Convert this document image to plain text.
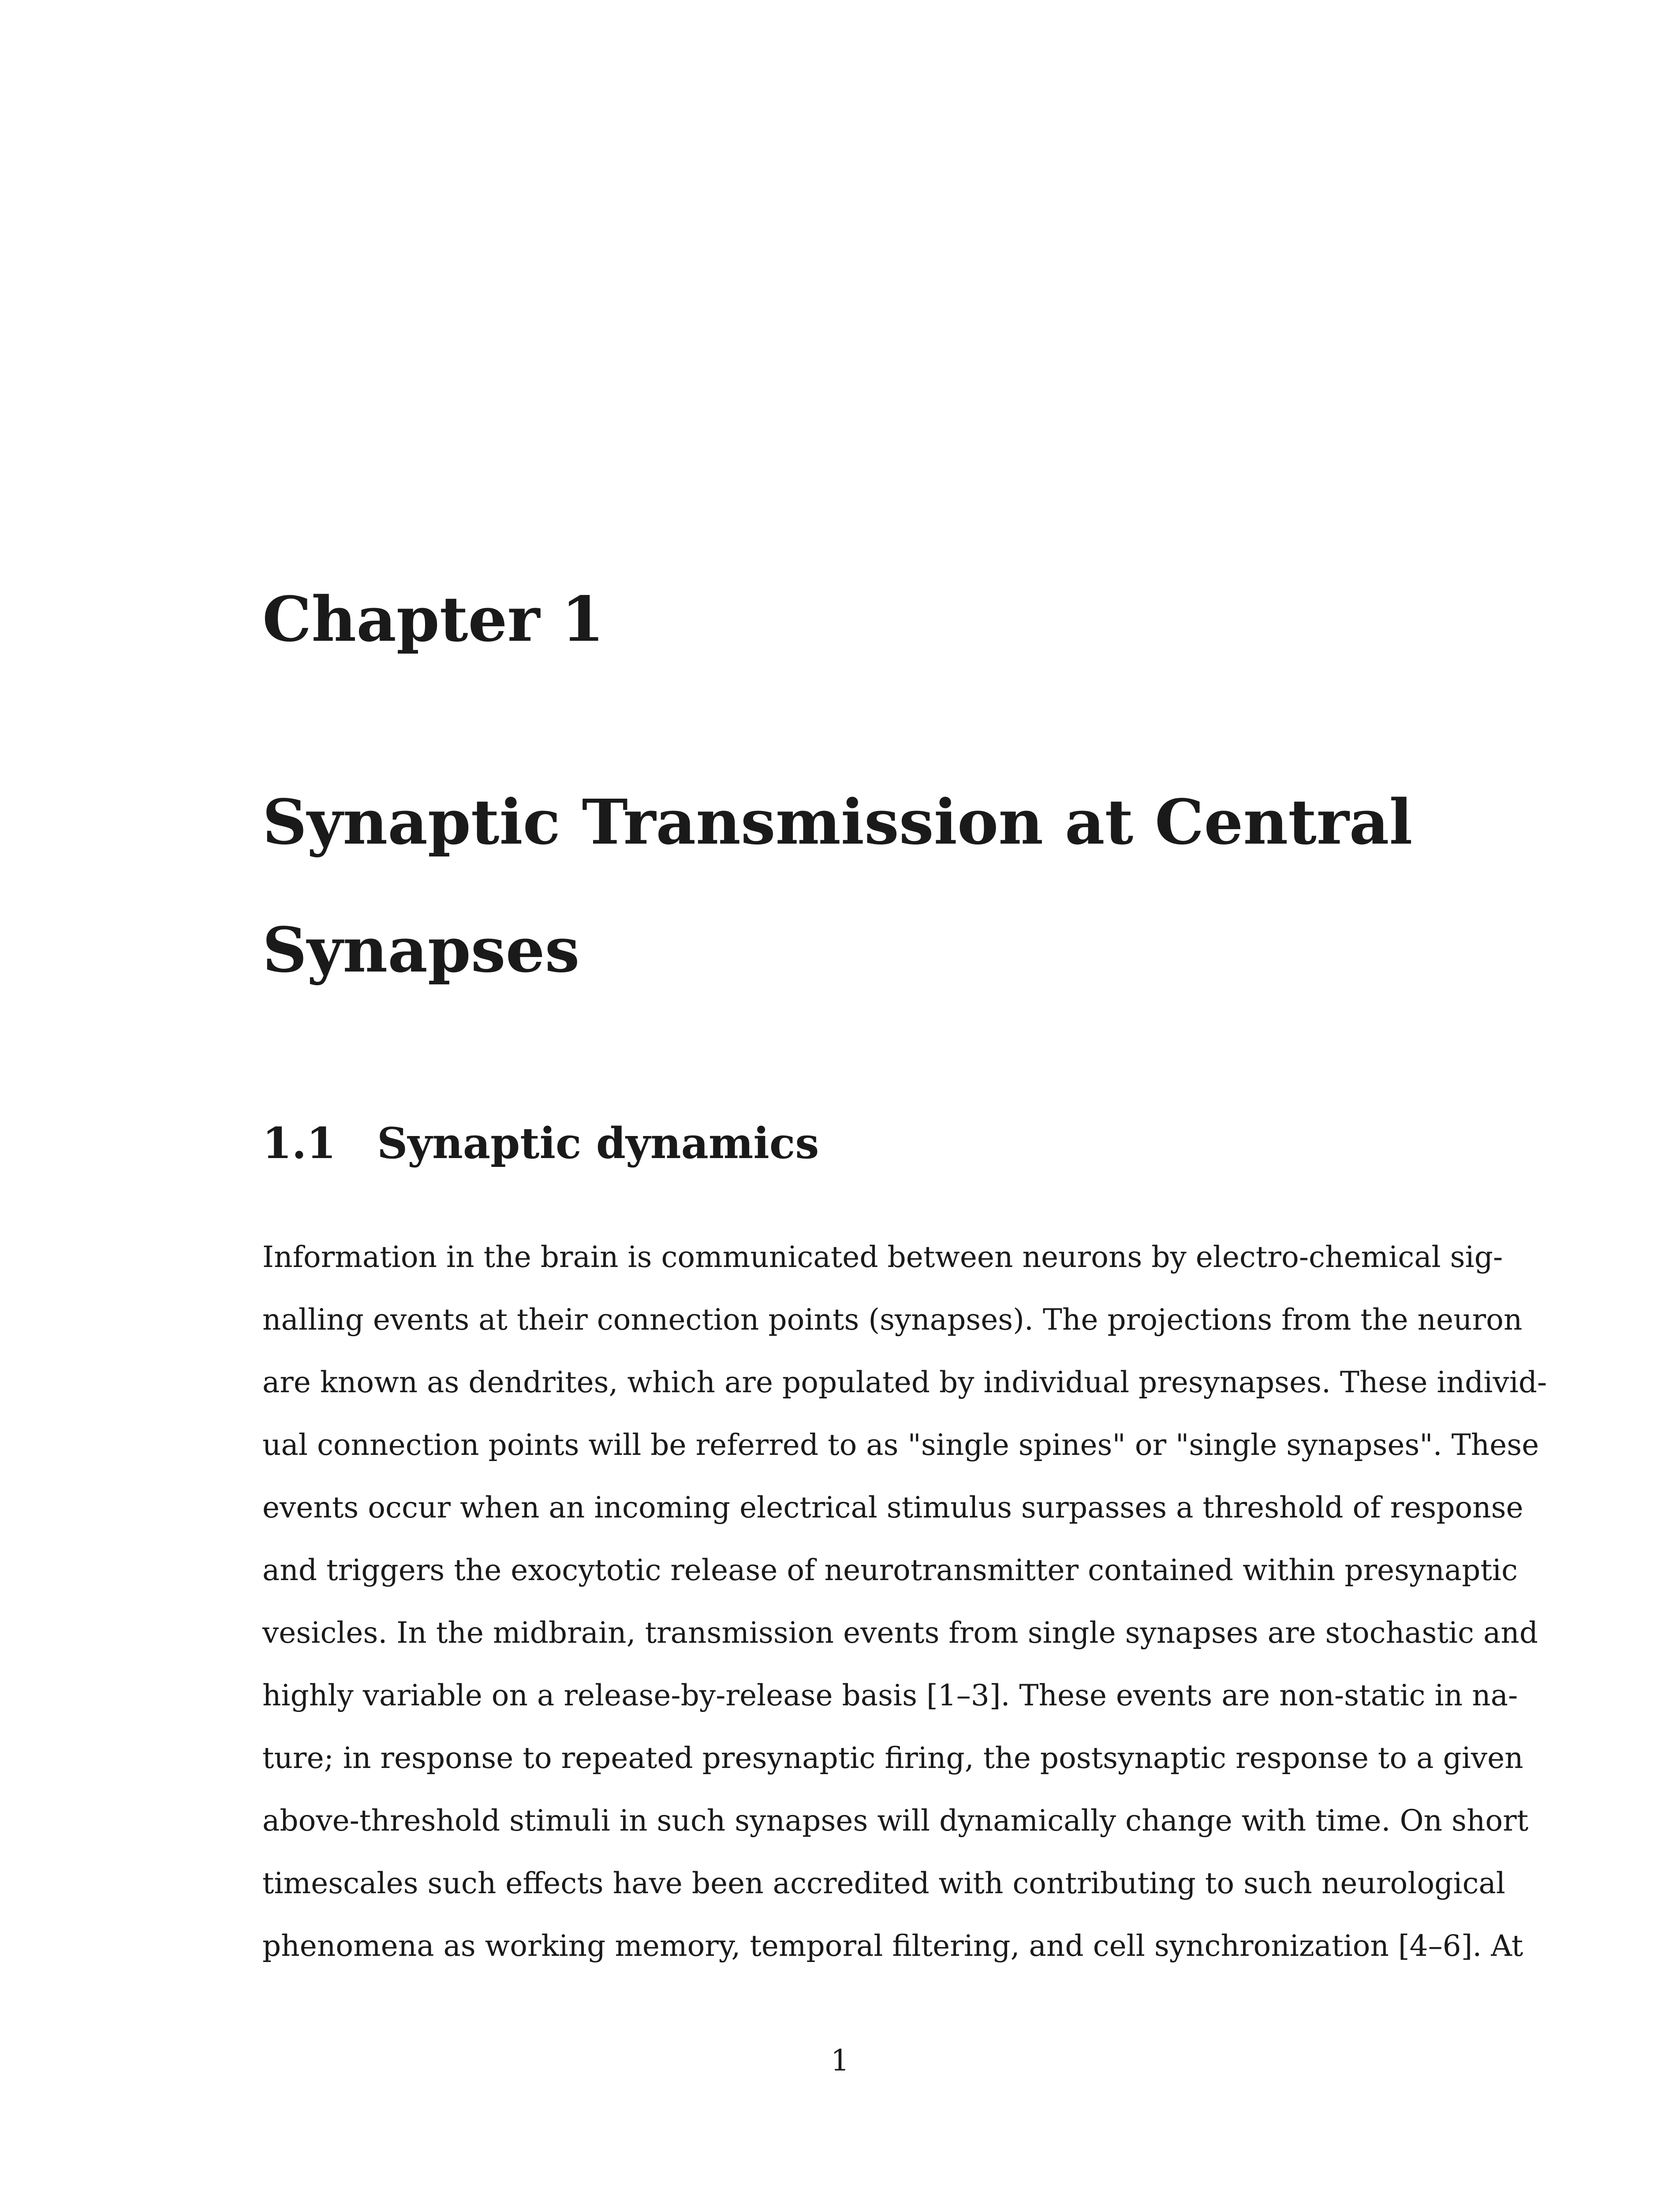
Chapter 1
Synaptic Transmission at Central Synapses
1.1 Synaptic dynamics
Information in the brain is communicated between neurons by electro-chemical sig-
nalling events at their connection points (synapses). The projections from the neuron
are known as dendrites, which are populated by individual presynapses. These individ-
ual connection points will be referred to as "single spines" or "single synapses". These
events occur when an incoming electrical stimulus surpasses a threshold of response
and triggers the exocytotic release of neurotransmitter contained within presynaptic
vesicles. In the midbrain, transmission events from single synapses are stochastic and
highly variable on a release-by-release basis [1–3]. These events are non-static in na-
ture; in response to repeated presynaptic firing, the postsynaptic response to a given
above-threshold stimuli in such synapses will dynamically change with time. On short
timescales such effects have been accredited with contributing to such neurological
phenomena as working memory, temporal filtering, and cell synchronization [4–6]. At

1
